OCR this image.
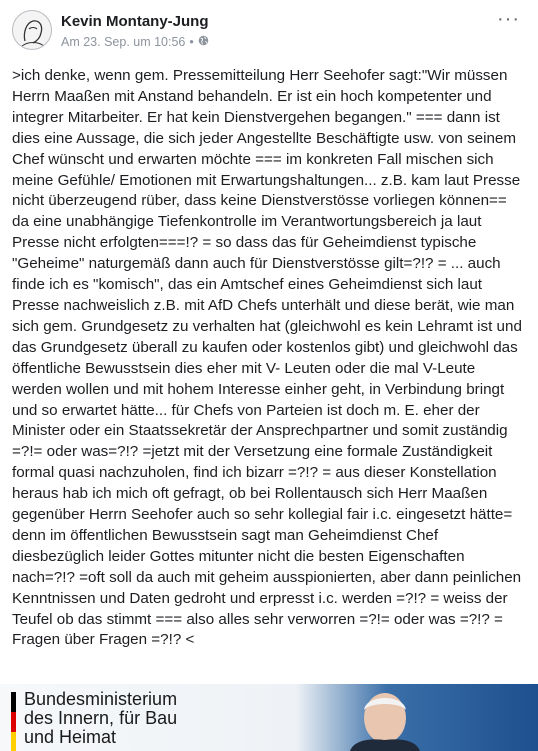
Kevin Montany-Jung
Am 23. Sep. um 10:56 •
···
>ich denke, wenn gem. Pressemitteilung Herr Seehofer sagt:"Wir müssen Herrn Maaßen mit Anstand behandeln. Er ist ein hoch kompetenter und integrer Mitarbeiter. Er hat kein Dienstvergehen begangen." === dann ist dies eine Aussage, die sich jeder Angestellte Beschäftigte usw. von seinem Chef wünscht und erwarten möchte === im konkreten Fall mischen sich meine Gefühle/ Emotionen mit Erwartungshaltungen... z.B. kam laut Presse nicht überzeugend rüber, dass keine Dienstverstösse vorliegen können== da eine unabhängige Tiefenkontrolle im Verantwortungsbereich ja laut Presse nicht erfolgten===!? = so dass das für Geheimdienst typische "Geheime" naturgemäß dann auch für Dienstverstösse gilt=?!? = ... auch finde ich es "komisch", das ein Amtschef eines Geheimdienst sich laut Presse nachweislich z.B. mit AfD Chefs unterhält und diese berät, wie man sich gem. Grundgesetz zu verhalten hat (gleichwohl es kein Lehramt ist und das Grundgesetz überall zu kaufen oder kostenlos gibt) und gleichwohl das öffentliche Bewusstsein dies eher mit V- Leuten oder die mal V-Leute werden wollen und mit hohem Interesse einher geht, in Verbindung bringt und so erwartet hätte... für Chefs von Parteien ist doch m. E. eher der Minister oder ein Staatssekretär der Ansprechpartner und somit zuständig =?!= oder was=?!? =jetzt mit der Versetzung eine formale Zuständigkeit formal quasi nachzuholen, find ich bizarr =?!? = aus dieser Konstellation heraus hab ich mich oft gefragt, ob bei Rollentausch sich Herr Maaßen gegenüber Herrn Seehofer auch so sehr kollegial fair i.c. eingesetzt hätte= denn im öffentlichen Bewusstsein sagt man Geheimdienst Chef diesbezüglich leider Gottes mitunter nicht die besten Eigenschaften nach=?!? =oft soll da auch mit geheim ausspionierten, aber dann peinlichen Kenntnissen und Daten gedroht und erpresst i.c. werden =?!? = weiss der Teufel ob das stimmt === also alles sehr verworren =?!= oder was =?!? = Fragen über Fragen =?!? <
Bundesministerium
des Innern, für Bau
und Heimat
